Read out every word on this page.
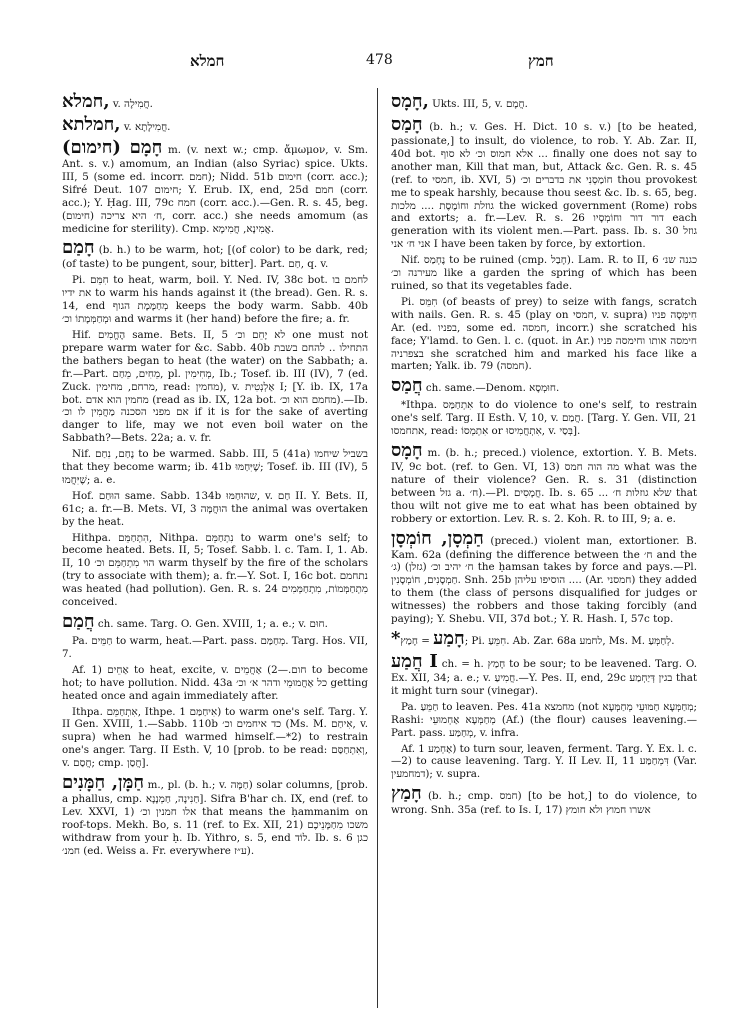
חמלא	478	חמץ

חמלא, v. חֲמִילָה.

חמלתא, v. חֲמִילָתָא.

חָמָם (חימום) m. (v. next w.; cmp. ἄμωμον, v. Sm. Ant. s. v.) amomum, an Indian (also Syriac) spice. Ukts. III, 5 (some ed. incorr. חמם); Nidd. 51b חימום (corr. acc.); Sifré Deut. 107 חימום; Y. Erub. IX, end, 25d חמם (corr. acc.); Y. Ḥag. III, 79c חמח (corr. acc.).—Gen. R. s. 45, beg. (חימום) ח׳ היא צריכה, corr. acc.) she needs amomum (as medicine for sterility). Cmp. אֲמִינָא, חֲמִימָא.

חָמַם (b. h.) to be warm, hot; [(of color) to be dark, red; (of taste) to be pungent, sour, bitter]. Part. חַם, q. v.

Pi. חִמֵּם to heat, warm, boil. Y. Ned. IV, 38c bot. לחמם בו את ידיו to warm his hands against it (the bread). Gen. R. s. 14, end מְחַמֶּמֶת הגוף keeps the body warm. Sabb. 40b וּמְחַמְּמָתוֹ וכ׳ and warms it (her hand) before the fire; a. fr.

Hif. הֶחֱמִים same. Bets. II, 5 לא יָחֵם וכ׳ one must not prepare warm water for &c. Sabb. 40b התחילו .. להחם בשבת the bathers began to heat (the water) on the Sabbath; a. fr.—Part. מֵחִים, מֵחַם, pl. מְחִימִין, Ib.; Tosef. ib. III (IV), 7 (ed. Zuck. מרחם, מחימין, read: מחמין), v. אַלְנְטִית I; [Y. ib. IX, 17a bot. מחמין הוא אדם (read as ib. IX, 12a bot. מחמם הוא וכ׳).—Ib. אם מפני הסכנה מַחֲמִין לו וכ׳ if it is for the sake of averting danger to life, may we not even boil water on the Sabbath?—Bets. 22a; a. v. fr.

Nif. נֶחַם, נִחַם to be warmed. Sabb. III, 5 (41a) בשביל שיחמו that they become warm; ib. 41b שֶׁיִּחַמּוּ; Tosef. ib. III (IV), 5 שֶׁיִּחֲמוּ; a. e.

Hof. הוּחַם same. Sabb. 134b שהוּחַמּוּ, v. חַם II. Y. Bets. II, 61c; a. fr.—B. Mets. VI, 3 הוּחֲמָּה the animal was overtaken by the heat.

Hithpa. הִתְחַמֵּם, Nithpa. נִתְחַמֵּם to warm one's self; to become heated. Bets. II, 5; Tosef. Sabb. l. c. Tam. I, 1. Ab. II, 10 הוי מִתְחַמֵּם וכ׳ warm thyself by the fire of the scholars (try to associate with them); a. fr.—Y. Sot. I, 16c bot. נתחמם was heated (had pollution). Gen. R. s. 24 מִתְחַמְּמוֹת, מִתְחַמְּמִים conceived.

חֲמַם ch. same. Targ. O. Gen. XVIII, 1; a. e.; v. חוּם.

Pa. חַמֵּים to warm, heat.—Part. pass. מְחַמַּם. Targ. Hos. VII, 7.

Af. 1) אַחֵים to heat, excite, v. חום.—2) אַחֲמֵים to become hot; to have pollution. Nidd. 43a כל אַחֲמוּמֵי ודהר א׳ וכ׳ getting heated once and again immediately after.

Ithpa. אִתְחַמֵּם, Ithpe. אִיחַמַּם 1) to warm one's self. Targ. Y. II Gen. XVIII, 1.—Sabb. 110b כד איחמים וכ׳ (Ms. M. אִיחַם, v. supra) when he had warmed himself.—*2) to restrain one's anger. Targ. II Esth. V, 10 [prob. to be read: וְאִתְחַסַּם, v. חֲסַם; cmp. חֲסַן].

חַמָּן, חַמָּנִים m., pl. (b. h.; v. חַמָּה) solar columns, [prob. a phallus, cmp. חַנִינָה, חַמְנָנָא]. Sifra B'har ch. IX, end (ref. to Lev. XXVI, 1) אלו חמנין וכ׳ that means the ḥammanim on roof-tops. Mekh. Bo, s. 11 (ref. to Ex. XII, 21) משכו מִחַמָּנֵיכֶם withdraw from your ḥ. Ib. Yithro, s. 5, end לוֹד. Ib. s. 6 כגן חמנ׳ (ed. Weiss a. Fr. everywhere ע״ז).

חָמָס, Ukts. III, 5, v. חֲמָם.

חָמַס (b. h.; v. Ges. H. Dict. 10 s. v.) [to be heated, passionate,] to insult, do violence, to rob. Y. Ab. Zar. II, 40d bot. אלא חמוס וכ׳ לא סוף ... finally one does not say to another man, Kill that man, but, Attack &c. Gen. R. s. 45 (ref. to חמסי, ib. XVI, 5) חוֹמַסְנִי את בדברים וכ׳ thou provokest me to speak harshly, because thou seest &c. Ib. s. 65, beg. גוזלת וחוֹמֶסֶת .... מלכות the wicked government (Rome) robs and extorts; a. fr.—Lev. R. s. 26 דור דור וחוֹמְסָיו each generation with its violent men.—Part. pass. Ib. s. 30 גוזל אני ח׳ אני I have been taken by force, by extortion.

Nif. נֶחְמַס to be ruined (cmp. חָבַל). Lam. R. to II, 6 כגנה שנ׳ מעירנה וכ׳ like a garden the spring of which has been ruined, so that its vegetables fade.

Pi. חִמֵּס (of beasts of prey) to seize with fangs, scratch with nails. Gen. R. s. 45 (play on חמסי, v. supra) חִימְּסָה פניו Ar. (ed. בפניו, some ed. חמסה, incorr.) she scratched his face; Y'lamd. to Gen. l. c. (quot. in Ar.) חימסה אותו וחימסה פניו בצפרניה she scratched him and marked his face like a marten; Yalk. ib. 79 (חמסה).

חֲמַס ch. same.—Denom. חוּמְסָא.

*Ithpa. אִתְחַמַּס to do violence to one's self, to restrain one's self. Targ. II Esth. V, 10, v. חֲמַם. [Targ. Y. Gen. VII, 21 אתחמסו, read: אִתְמְסוֹ or אִתְחֲמִיסוּ, v. בְּסַי].

חָמָס m. (b. h.; preced.) violence, extortion. Y. B. Mets. IV, 9c bot. (ref. to Gen. VI, 13) מה הוה חמס what was the nature of their violence? Gen. R. s. 31 (distinction between גזל a. ח׳).—Pl. חֲמָסִים. Ib. s. 65 ... שלא גוזלות ח׳ that thou wilt not give me to eat what has been obtained by robbery or extortion. Lev. R. s. 2. Koh. R. to III, 9; a. e.

חַמְסָן, חוֹמְסָן (preced.) violent man, extortioner. B. Kam. 62a (defining the difference between the ח׳ and the ג׳) ח׳ יהיב וכ׳ (גזלן) the ḥamsan takes by force and pays.—Pl. חַמְסָנִים, חוֹמְסָנִין. Snh. 25b הוסיפו עליהן .... (Ar. חמסני) they added to them (the class of persons disqualified for judges or witnesses) the robbers and those taking forcibly (and paying); Y. Shebu. VII, 37d bot.; Y. R. Hash. I, 57c top.

*חָמַע = חָמַץ; Pi. חִמֵּעַ. Ab. Zar. 68a לחמע, Ms. M. לְחַמְּעַ.

חֲמַע I ch. = h. חָמַץ to be sour; to be leavened. Targ. O. Ex. XII, 34; a. e.; v. חֲמִיעַ.—Y. Pes. II, end, 29c בגין דְּיַחְמַע that it might turn sour (vinegar).

Pa. חַמֵּעַ to leaven. Pes. 41a מחמצא (not מְחַמְּעָא חַמּוּעֵי מְחַמְּעָא; Rashi: מְחַמְּעָא אַחְמוּעֵי (Af.) (the flour) causes leavening.—Part. pass. מְחַמַּע, v. infra.

Af. אַחְמַע 1) to turn sour, leaven, ferment. Targ. Y. Ex. l. c.—2) to cause leavening. Targ. Y. II Lev. II, 11 דִּמְחַמַּע (Var. דמחמעין); v. supra.

חָמַץ (b. h.; cmp. חמס) [to be hot,] to do violence, to wrong. Snh. 35a (ref. to Is. I, 17) אשרו חמוץ ולא חומץ
